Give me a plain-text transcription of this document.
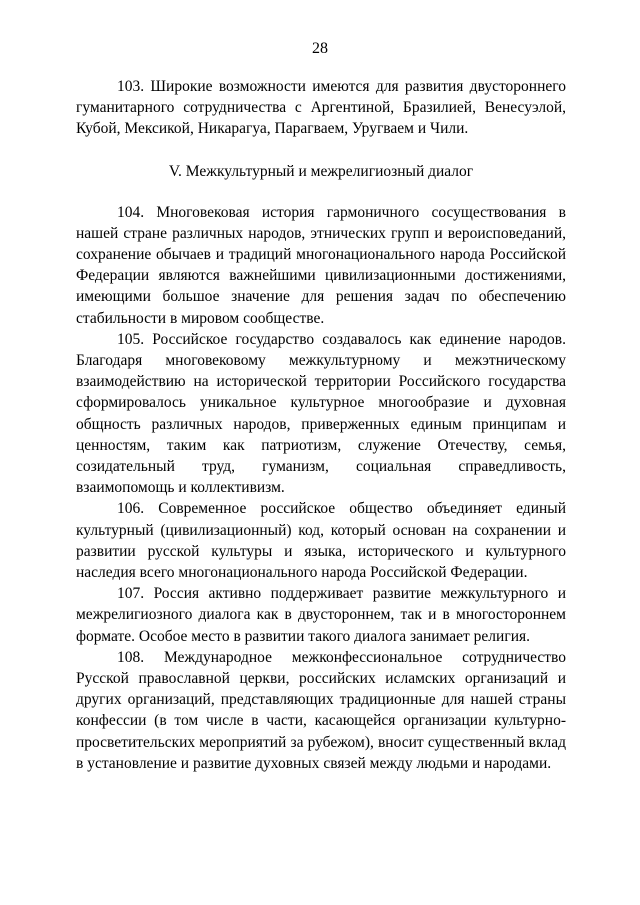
28

103. Широкие возможности имеются для развития двустороннего гуманитарного сотрудничества с Аргентиной, Бразилией, Венесуэлой, Кубой, Мексикой, Никарагуа, Парагваем, Уругваем и Чили.

V. Межкультурный и межрелигиозный диалог

104. Многовековая история гармоничного сосуществования в нашей стране различных народов, этнических групп и вероисповеданий, сохранение обычаев и традиций многонационального народа Российской Федерации являются важнейшими цивилизационными достижениями, имеющими большое значение для решения задач по обеспечению стабильности в мировом сообществе.

105. Российское государство создавалось как единение народов. Благодаря многовековому межкультурному и межэтническому взаимодействию на исторической территории Российского государства сформировалось уникальное культурное многообразие и духовная общность различных народов, приверженных единым принципам и ценностям, таким как патриотизм, служение Отечеству, семья, созидательный труд, гуманизм, социальная справедливость, взаимопомощь и коллективизм.

106. Современное российское общество объединяет единый культурный (цивилизационный) код, который основан на сохранении и развитии русской культуры и языка, исторического и культурного наследия всего многонационального народа Российской Федерации.

107. Россия активно поддерживает развитие межкультурного и межрелигиозного диалога как в двустороннем, так и в многостороннем формате. Особое место в развитии такого диалога занимает религия.

108. Международное межконфессиональное сотрудничество Русской православной церкви, российских исламских организаций и других организаций, представляющих традиционные для нашей страны конфессии (в том числе в части, касающейся организации культурно-просветительских мероприятий за рубежом), вносит существенный вклад в установление и развитие духовных связей между людьми и народами.
